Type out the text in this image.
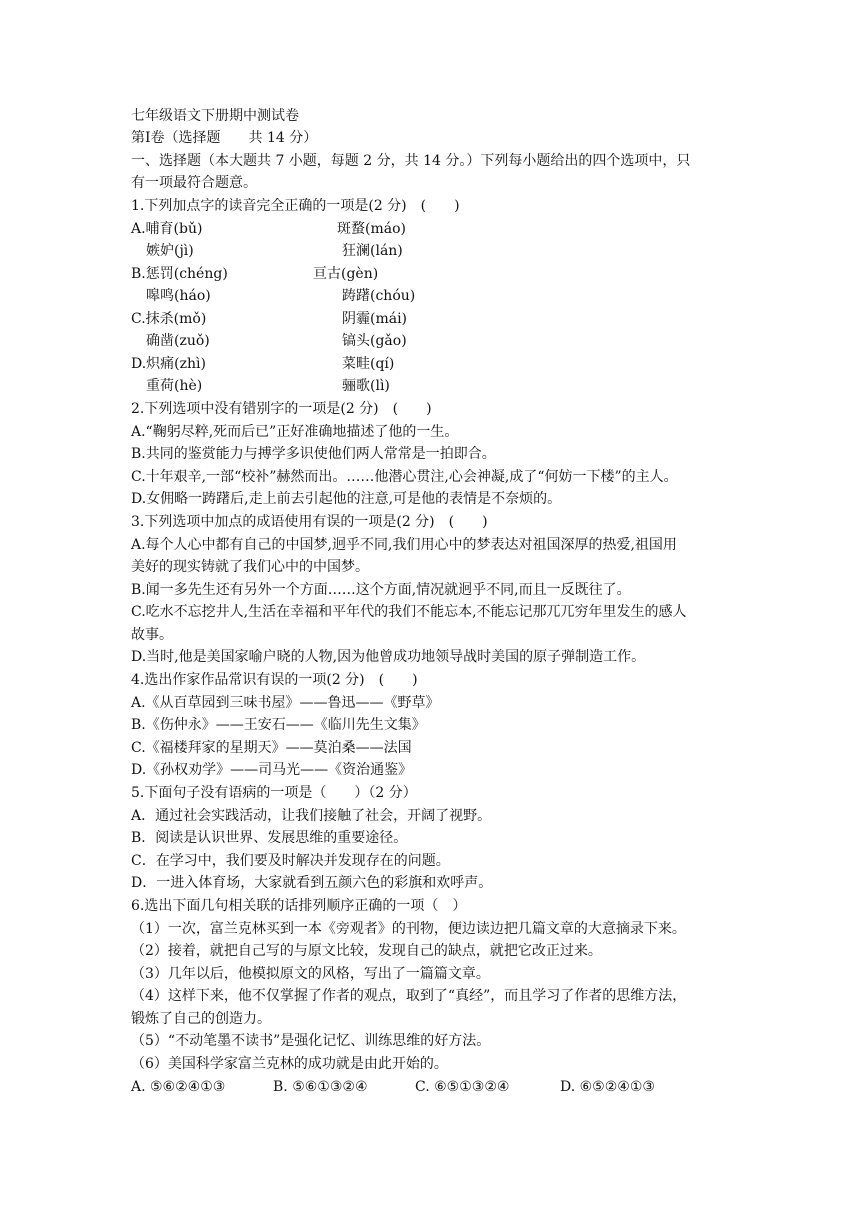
七年级语文下册期中测试卷
第Ⅰ卷（选择题　　共 14 分）
一、选择题（本大题共 7 小题，每题 2 分，共 14 分。）下列每小题给出的四个选项中，只
有一项最符合题意。
1.下列加点字的读音完全正确的一项是(2 分)　(　　)
A.哺育(bǔ)	斑蝥(máo)
嫉妒(jì)	狂澜(lán)
B.惩罚(chéng)	亘古(gèn)
嗥鸣(háo)	踌躇(chóu)
C.抹杀(mǒ)	阴霾(mái)
确凿(zuǒ)	镐头(gǎo)
D.炽痛(zhì)	菜畦(qí)
重荷(hè)	骊歌(lì)
2.下列选项中没有错别字的一项是(2 分)　(　　)
A.“鞠躬尽粹,死而后已”正好准确地描述了他的一生。
B.共同的鉴赏能力与搏学多识使他们两人常常是一拍即合。
C.十年艰辛,一部“校补”赫然而出。……他潜心贯注,心会神凝,成了“何妨一下楼”的主人。
D.女佣略一踌躇后,走上前去引起他的注意,可是他的表情是不奈烦的。
3.下列选项中加点的成语使用有误的一项是(2 分)　(　　)
A.每个人心中都有自己的中国梦,迥乎不同,我们用心中的梦表达对祖国深厚的热爱,祖国用
美好的现实铸就了我们心中的中国梦。
B.闻一多先生还有另外一个方面……这个方面,情况就迥乎不同,而且一反既往了。
C.吃水不忘挖井人,生活在幸福和平年代的我们不能忘本,不能忘记那兀兀穷年里发生的感人
故事。
D.当时,他是美国家喻户晓的人物,因为他曾成功地领导战时美国的原子弹制造工作。
4.选出作家作品常识有误的一项(2 分)　(　　)
A.《从百草园到三味书屋》——鲁迅——《野草》
B.《伤仲永》——王安石——《临川先生文集》
C.《福楼拜家的星期天》——莫泊桑——法国
D.《孙权劝学》——司马光——《资治通鉴》
5.下面句子没有语病的一项是（　　）（2 分）
A．通过社会实践活动，让我们接触了社会，开阔了视野。
B．阅读是认识世界、发展思维的重要途径。
C．在学习中，我们要及时解决并发现存在的问题。
D．一进入体育场，大家就看到五颜六色的彩旗和欢呼声。
6.选出下面几句相关联的话排列顺序正确的一项（　）
（1）一次，富兰克林买到一本《旁观者》的刊物，便边读边把几篇文章的大意摘录下来。
（2）接着，就把自己写的与原文比较，发现自己的缺点，就把它改正过来。
（3）几年以后，他模拟原文的风格，写出了一篇篇文章。
（4）这样下来，他不仅掌握了作者的观点，取到了“真经”，而且学习了作者的思维方法，
锻炼了自己的创造力。
（5）“不动笔墨不读书”是强化记忆、训练思维的好方法。
（6）美国科学家富兰克林的成功就是由此开始的。
A. ⑤⑥②④①③	B. ⑤⑥①③②④	C. ⑥⑤①③②④	D. ⑥⑤②④①③
